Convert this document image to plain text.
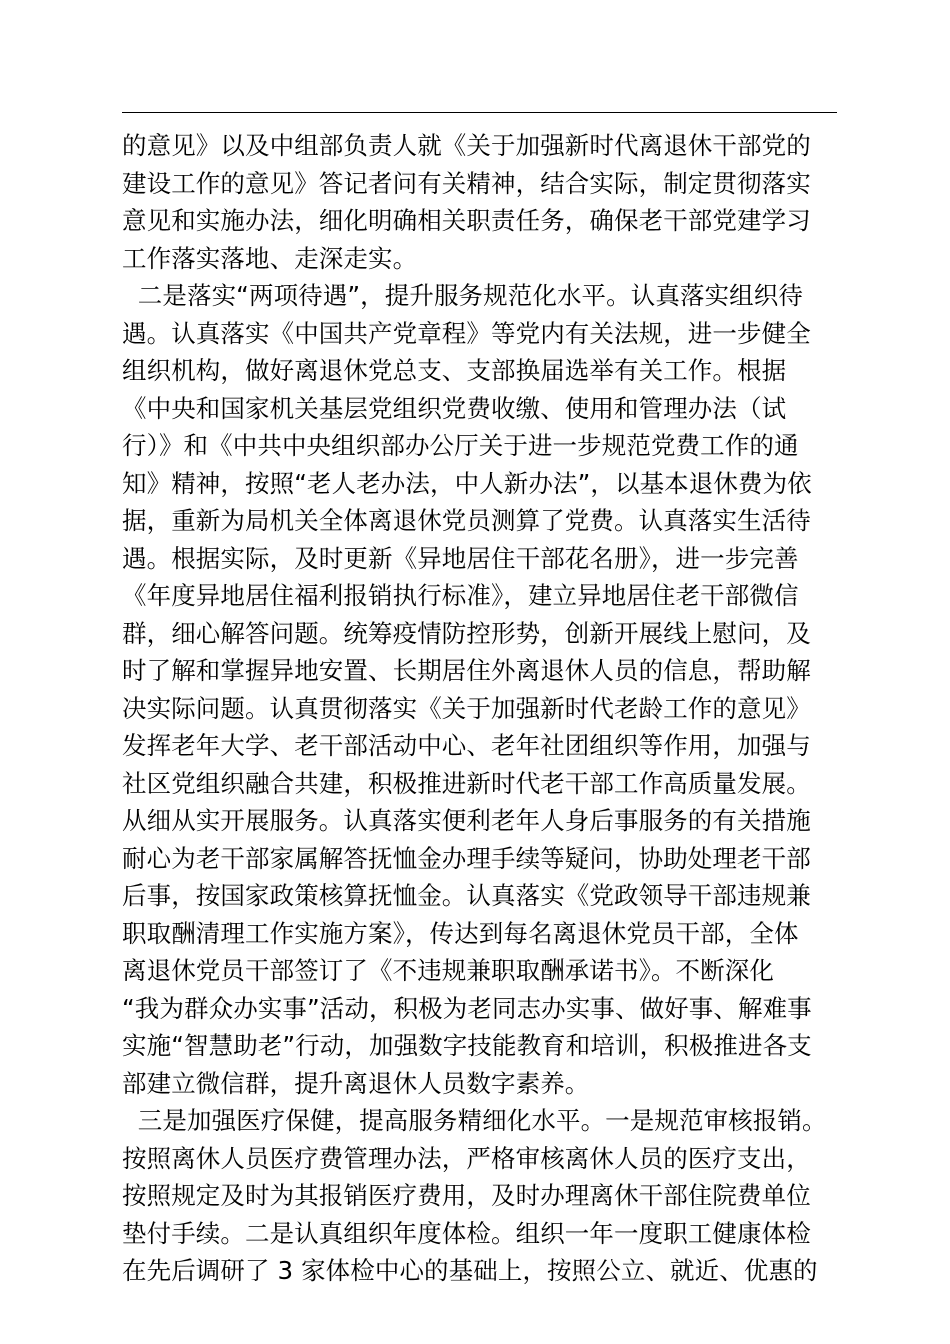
的意见》以及中组部负责人就《关于加强新时代离退休干部党的
建设工作的意见》答记者问有关精神，结合实际，制定贯彻落实
意见和实施办法，细化明确相关职责任务，确保老干部党建学习
工作落实落地、走深走实。
二是落实“两项待遇”，提升服务规范化水平。认真落实组织待
遇。认真落实《中国共产党章程》等党内有关法规，进一步健全
组织机构，做好离退休党总支、支部换届选举有关工作。根据
《中央和国家机关基层党组织党费收缴、使用和管理办法（试
行）》和《中共中央组织部办公厅关于进一步规范党费工作的通
知》精神，按照“老人老办法，中人新办法”，以基本退休费为依
据，重新为局机关全体离退休党员测算了党费。认真落实生活待
遇。根据实际，及时更新《异地居住干部花名册》，进一步完善
《年度异地居住福利报销执行标准》，建立异地居住老干部微信
群，细心解答问题。统筹疫情防控形势，创新开展线上慰问，及
时了解和掌握异地安置、长期居住外离退休人员的信息，帮助解
决实际问题。认真贯彻落实《关于加强新时代老龄工作的意见》
发挥老年大学、老干部活动中心、老年社团组织等作用，加强与
社区党组织融合共建，积极推进新时代老干部工作高质量发展。
从细从实开展服务。认真落实便利老年人身后事服务的有关措施
耐心为老干部家属解答抚恤金办理手续等疑问，协助处理老干部
后事，按国家政策核算抚恤金。认真落实《党政领导干部违规兼
职取酬清理工作实施方案》，传达到每名离退休党员干部，全体
离退休党员干部签订了《不违规兼职取酬承诺书》。不断深化
“我为群众办实事”活动，积极为老同志办实事、做好事、解难事
实施“智慧助老”行动，加强数字技能教育和培训，积极推进各支
部建立微信群，提升离退休人员数字素养。
三是加强医疗保健，提高服务精细化水平。一是规范审核报销。
按照离休人员医疗费管理办法，严格审核离休人员的医疗支出，
按照规定及时为其报销医疗费用，及时办理离休干部住院费单位
垫付手续。二是认真组织年度体检。组织一年一度职工健康体检
在先后调研了 3 家体检中心的基础上，按照公立、就近、优惠的
